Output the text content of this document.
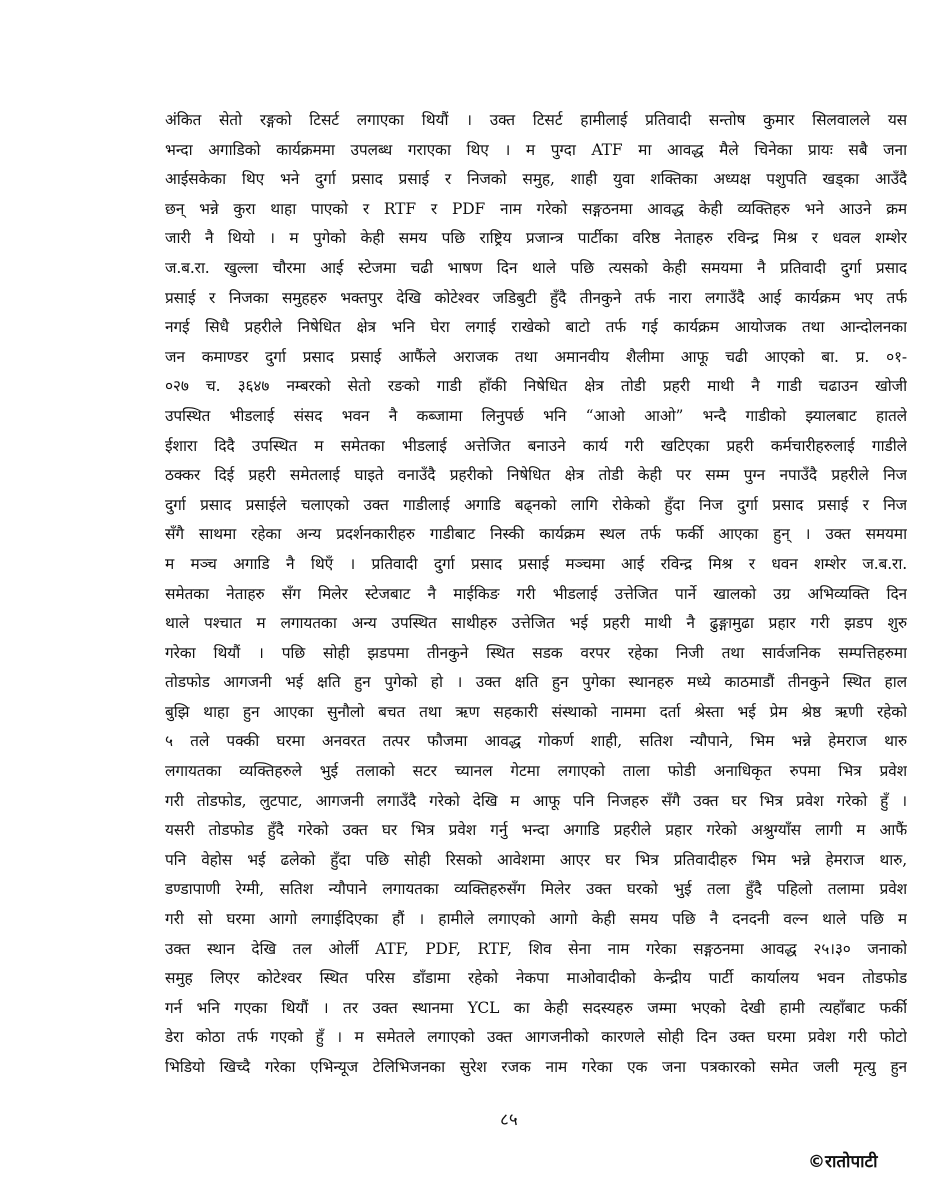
अंकित सेतो रङ्गको टिसर्ट लगाएका थियौं । उक्त टिसर्ट हामीलाई प्रतिवादी सन्तोष कुमार सिलवालले यस
भन्दा अगाडिको कार्यक्रममा उपलब्ध गराएका थिए । म पुग्दा ATF मा आवद्ध मैले चिनेका प्रायः सबै जना
आईसकेका थिए भने दुर्गा प्रसाद प्रसाई र निजको समुह, शाही युवा शक्तिका अध्यक्ष पशुपति खड्का आउँदै
छन् भन्ने कुरा थाहा पाएको र RTF र PDF नाम गरेको सङ्गठनमा आवद्ध केही व्यक्तिहरु भने आउने क्रम
जारी नै थियो । म पुगेको केही समय पछि राष्ट्रिय प्रजान्त्र पार्टीका वरिष्ठ नेताहरु रविन्द्र मिश्र र धवल शम्शेर
ज.ब.रा. खुल्ला चौरमा आई स्टेजमा चढी भाषण दिन थाले पछि त्यसको केही समयमा नै प्रतिवादी दुर्गा प्रसाद
प्रसाई र निजका समुहहरु भक्तपुर देखि कोटेश्वर जडिबुटी हुँदै तीनकुने तर्फ नारा लगाउँदै आई कार्यक्रम भए तर्फ
नगई सिधै प्रहरीले निषेधित क्षेत्र भनि घेरा लगाई राखेको बाटो तर्फ गई कार्यक्रम आयोजक तथा आन्दोलनका
जन कमाण्डर दुर्गा प्रसाद प्रसाई आफैंले अराजक तथा अमानवीय शैलीमा आफू चढी आएको बा. प्र. ०१-
०२७ च. ३६४७ नम्बरको सेतो रङको गाडी हाँकी निषेधित क्षेत्र तोडी प्रहरी माथी नै गाडी चढाउन खोजी
उपस्थित भीडलाई संसद भवन नै कब्जामा लिनुपर्छ भनि “आओ आओ” भन्दै गाडीको झ्यालबाट हातले
ईशारा दिदै उपस्थित म समेतका भीडलाई अत्तेजित बनाउने कार्य गरी खटिएका प्रहरी कर्मचारीहरुलाई गाडीले
ठक्कर दिई प्रहरी समेतलाई घाइते वनाउँदै प्रहरीको निषेधित क्षेत्र तोडी केही पर सम्म पुग्न नपाउँदै प्रहरीले निज
दुर्गा प्रसाद प्रसाईले चलाएको उक्त गाडीलाई अगाडि बढ्नको लागि रोकेको हुँदा निज दुर्गा प्रसाद प्रसाई र निज
सँगै साथमा रहेका अन्य प्रदर्शनकारीहरु गाडीबाट निस्की कार्यक्रम स्थल तर्फ फर्की आएका हुन् । उक्त समयमा
म मञ्च अगाडि नै थिएँ । प्रतिवादी दुर्गा प्रसाद प्रसाई मञ्चमा आई रविन्द्र मिश्र र धवन शम्शेर ज.ब.रा.
समेतका नेताहरु सँग मिलेर स्टेजबाट नै माईकिङ गरी भीडलाई उत्तेजित पार्ने खालको उग्र अभिव्यक्ति दिन
थाले पश्चात म लगायतका अन्य उपस्थित साथीहरु उत्तेजित भई प्रहरी माथी नै ढुङ्गामुढा प्रहार गरी झडप शुरु
गरेका थियौं । पछि सोही झडपमा तीनकुने स्थित सडक वरपर रहेका निजी तथा सार्वजनिक सम्पत्तिहरुमा
तोडफोड आगजनी भई क्षति हुन पुगेको हो । उक्त क्षति हुन पुगेका स्थानहरु मध्ये काठमाडौं तीनकुने स्थित हाल
बुझि थाहा हुन आएका सुनौलो बचत तथा ऋण सहकारी संस्थाको नाममा दर्ता श्रेस्ता भई प्रेम श्रेष्ठ ऋणी रहेको
५ तले पक्की घरमा अनवरत तत्पर फौजमा आवद्ध गोकर्ण शाही, सतिश न्यौपाने, भिम भन्ने हेमराज थारु
लगायतका व्यक्तिहरुले भुई तलाको सटर च्यानल गेटमा लगाएको ताला फोडी अनाधिकृत रुपमा भित्र प्रवेश
गरी तोडफोड, लुटपाट, आगजनी लगाउँदै गरेको देखि म आफू पनि निजहरु सँगै उक्त घर भित्र प्रवेश गरेको हुँ ।
यसरी तोडफोड हुँदै गरेको उक्त घर भित्र प्रवेश गर्नु भन्दा अगाडि प्रहरीले प्रहार गरेको अश्रुग्याँस लागी म आफैं
पनि वेहोस भई ढलेको हुँदा पछि सोही रिसको आवेशमा आएर घर भित्र प्रतिवादीहरु भिम भन्ने हेमराज थारु,
डण्डापाणी रेग्मी, सतिश न्यौपाने लगायतका व्यक्तिहरुसँग मिलेर उक्त घरको भुई तला हुँदै पहिलो तलामा प्रवेश
गरी सो घरमा आगो लगाईदिएका हौं । हामीले लगाएको आगो केही समय पछि नै दनदनी वल्न थाले पछि म
उक्त स्थान देखि तल ओर्ली ATF, PDF, RTF, शिव सेना नाम गरेका सङ्गठनमा आवद्ध २५।३० जनाको
समुह लिएर कोटेश्वर स्थित परिस डाँडामा रहेको नेकपा माओवादीको केन्द्रीय पार्टी कार्यालय भवन तोडफोड
गर्न भनि गएका थियौं । तर उक्त स्थानमा YCL का केही सदस्यहरु जम्मा भएको देखी हामी त्यहाँबाट फर्की
डेरा कोठा तर्फ गएको हुँ । म समेतले लगाएको उक्त आगजनीको कारणले सोही दिन उक्त घरमा प्रवेश गरी फोटो
भिडियो खिच्दै गरेका एभिन्यूज टेलिभिजनका सुरेश रजक नाम गरेका एक जना पत्रकारको समेत जली मृत्यु हुन
८५
©रातोपाटी
